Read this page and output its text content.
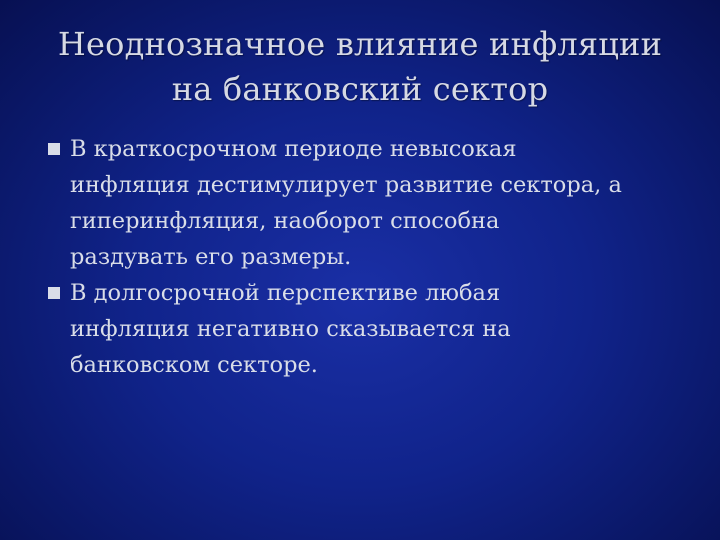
Неоднозначное влияние инфляции
на банковский сектор
В краткосрочном периоде невысокая
инфляция дестимулирует развитие сектора, а
гиперинфляция, наоборот способна
раздувать его размеры.
В долгосрочной перспективе любая
инфляция негативно сказывается на
банковском секторе.
